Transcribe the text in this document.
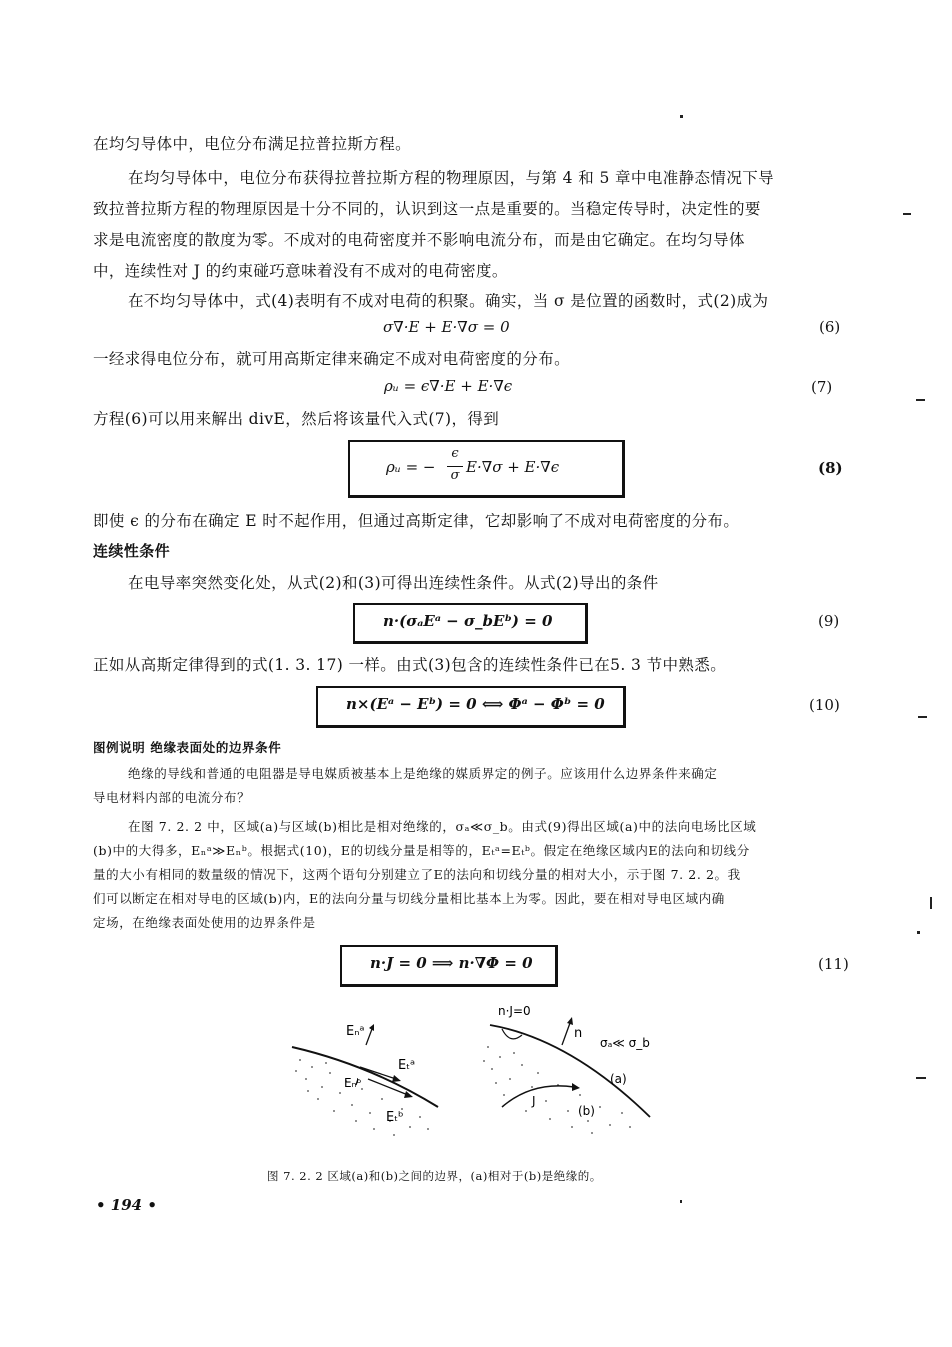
在均匀导体中，电位分布满足拉普拉斯方程。
在均匀导体中，电位分布获得拉普拉斯方程的物理原因，与第 4 和 5 章中电准静态情况下导
致拉普拉斯方程的物理原因是十分不同的，认识到这一点是重要的。当稳定传导时，决定性的要
求是电流密度的散度为零。不成对的电荷密度并不影响电流分布，而是由它确定。在均匀导体
中，连续性对 J 的约束碰巧意味着没有不成对的电荷密度。
在不均匀导体中，式(4)表明有不成对电荷的积聚。确实，当 σ 是位置的函数时，式(2)成为
σ∇·E + E·∇σ = 0	(6)
一经求得电位分布，就可用高斯定律来确定不成对电荷密度的分布。
ρᵤ = ϵ∇·E + E·∇ϵ	(7)
方程(6)可以用来解出 divE，然后将该量代入式(7)，得到
ρᵤ = −
ϵ
σ E·∇σ + E·∇ϵ	(8)
即使 ϵ 的分布在确定 E 时不起作用，但通过高斯定律，它却影响了不成对电荷密度的分布。
连续性条件
在电导率突然变化处，从式(2)和(3)可得出连续性条件。从式(2)导出的条件
n·(σₐEᵃ − σ_bEᵇ) = 0	(9)
正如从高斯定律得到的式(1. 3. 17) 一样。由式(3)包含的连续性条件已在5. 3 节中熟悉。
n×(Eᵃ − Eᵇ) = 0 ⟺ Φᵃ − Φᵇ = 0	(10)
图例说明 绝缘表面处的边界条件
绝缘的导线和普通的电阻器是导电媒质被基本上是绝缘的媒质界定的例子。应该用什么边界条件来确定
导电材料内部的电流分布？
在图 7. 2. 2 中，区域(a)与区域(b)相比是相对绝缘的，σₐ≪σ_b。由式(9)得出区域(a)中的法向电场比区域
(b)中的大得多，Eₙᵃ≫Eₙᵇ。根据式(10)，E的切线分量是相等的，Eₜᵃ=Eₜᵇ。假定在绝缘区域内E的法向和切线分
量的大小有相同的数量级的情况下，这两个语句分别建立了E的法向和切线分量的相对大小，示于图 7. 2. 2。我
们可以断定在相对导电的区域(b)内，E的法向分量与切线分量相比基本上为零。因此，要在相对导电区域内确
定场，在绝缘表面处使用的边界条件是
n·J = 0 ⟹ n·∇Φ = 0	(11)
Eₙᵃ
Eₜᵃ
Eₙᵇ
Eₜᵇ
n·J=0
n
σₐ≪ σ_b
(a)
(b)
J
图 7. 2. 2 区域(a)和(b)之间的边界，(a)相对于(b)是绝缘的。
• 194 •
